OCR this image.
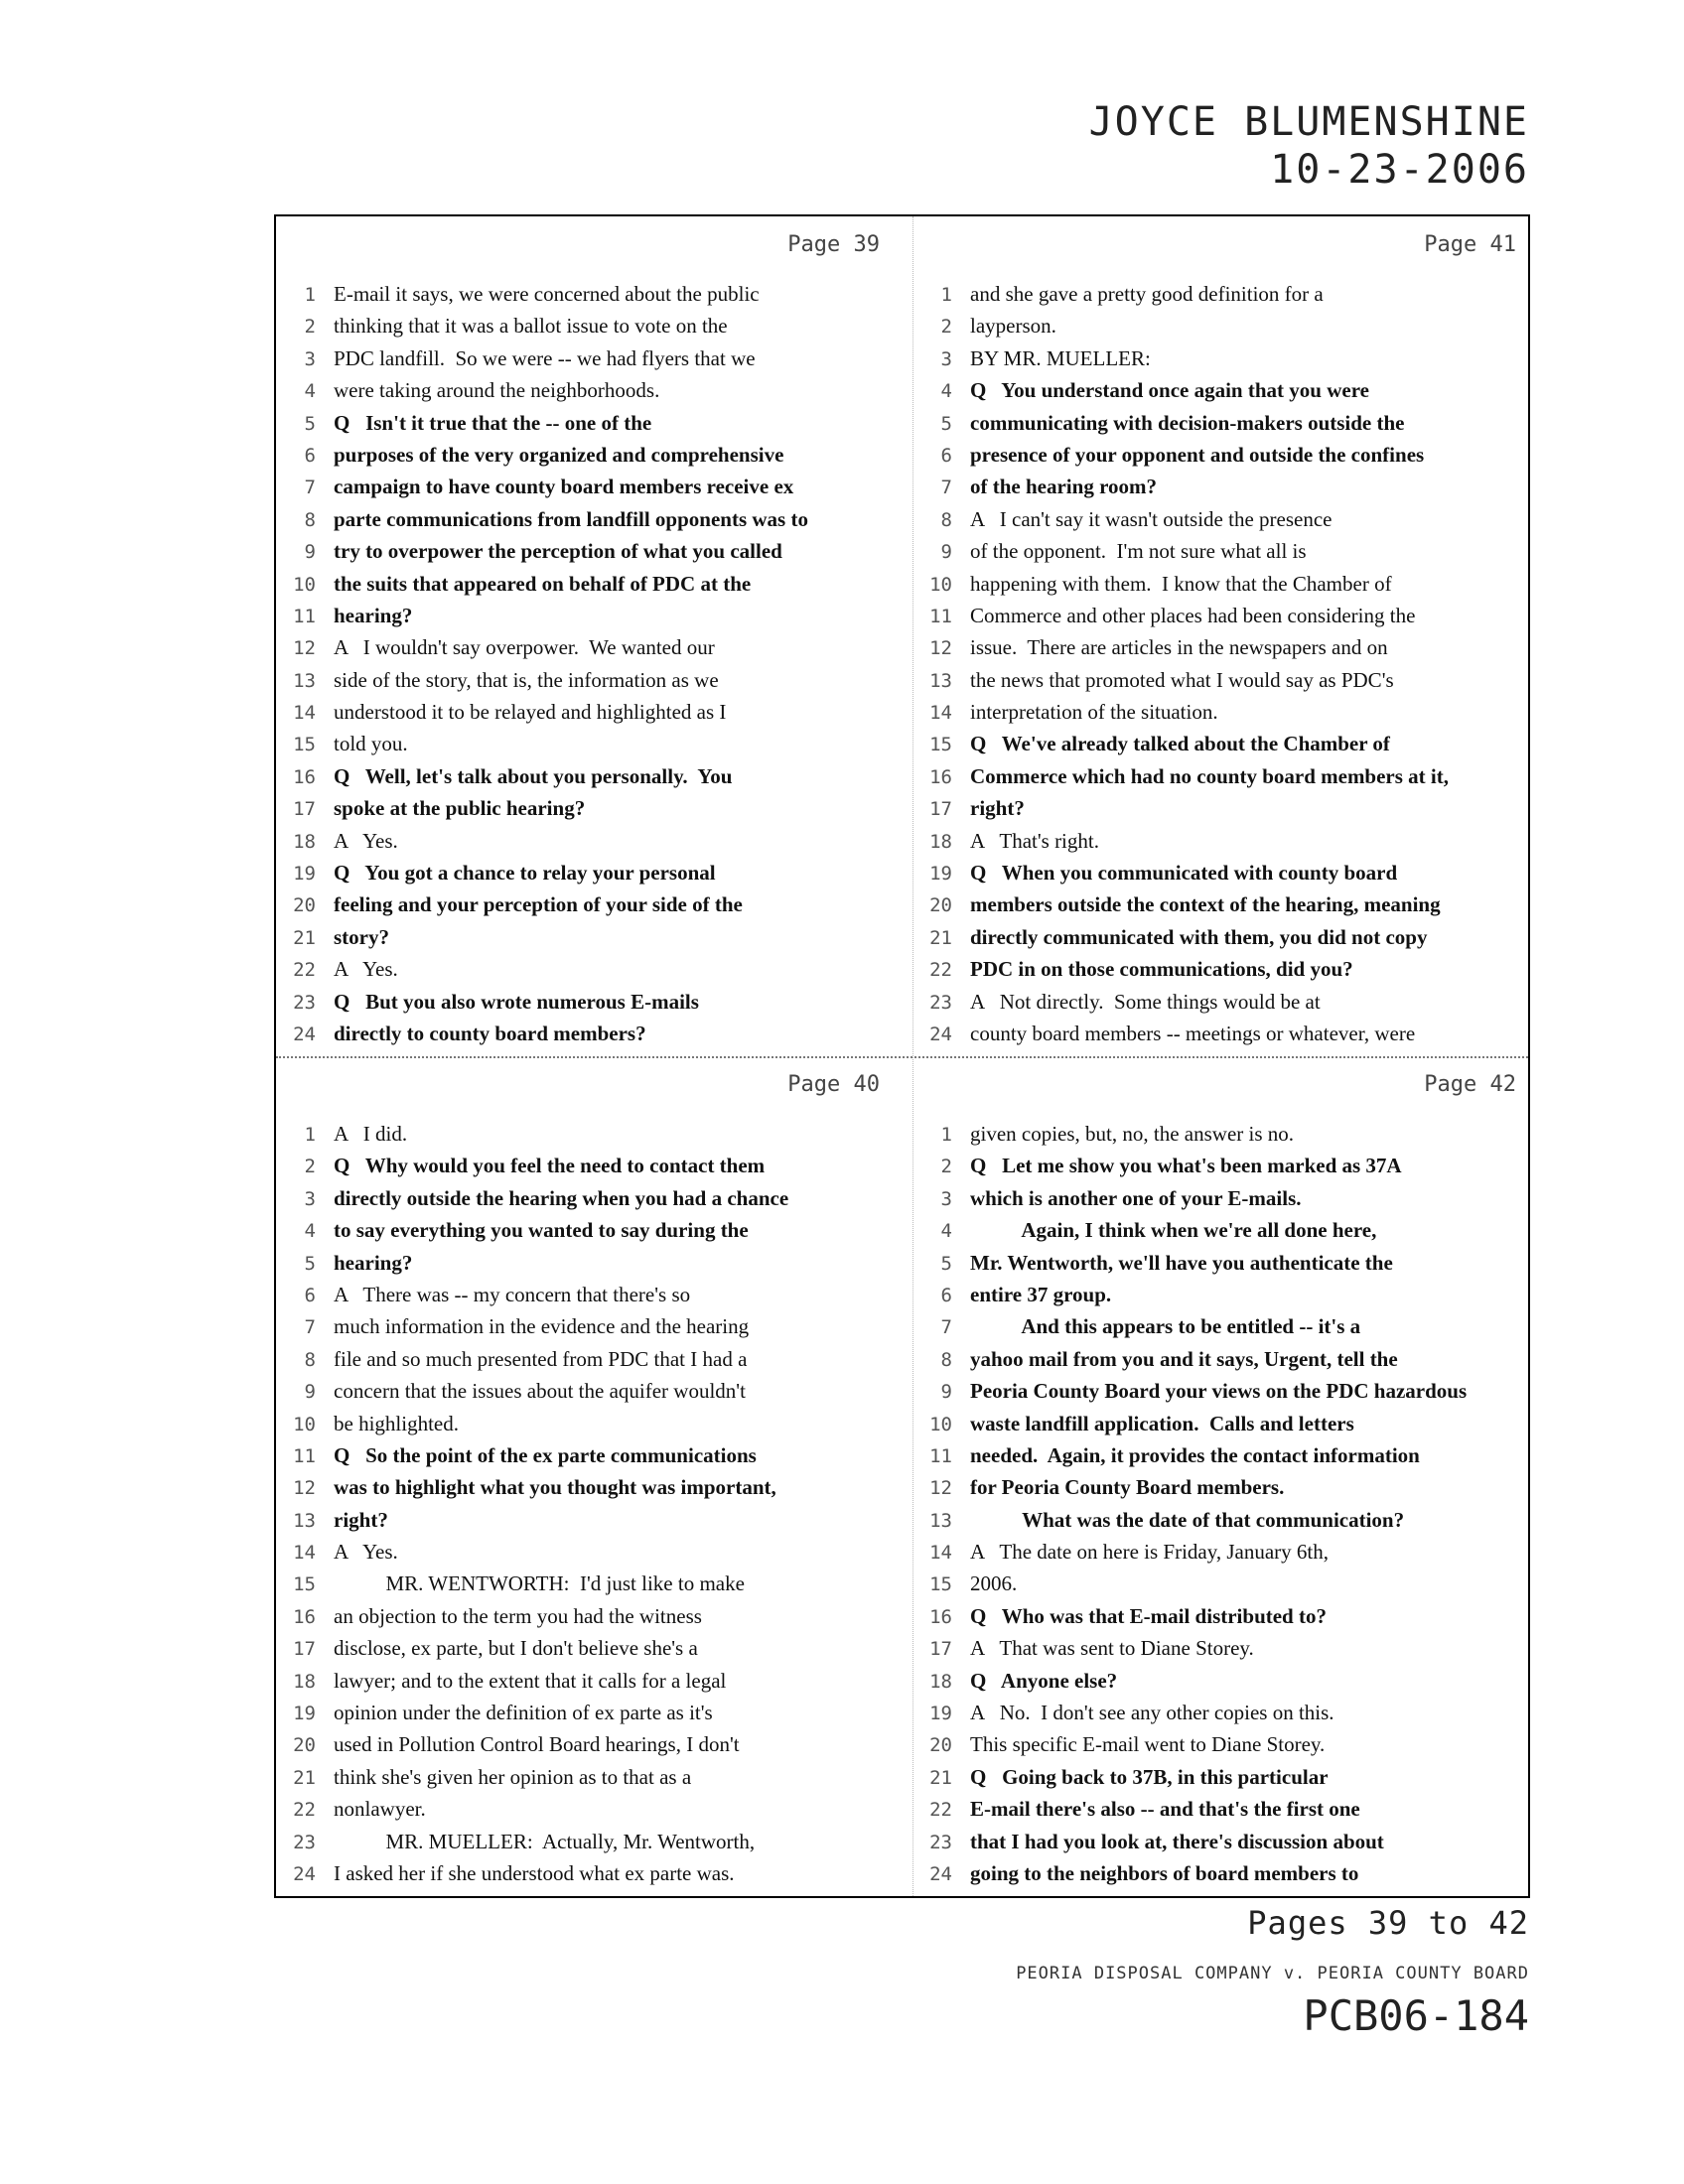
JOYCE BLUMENSHINE
10-23-2006
Page 39
1 E-mail it says, we were concerned about the public
2 thinking that it was a ballot issue to vote on the
3 PDC landfill.  So we were -- we had flyers that we
4 were taking around the neighborhoods.
5 Q   Isn't it true that the -- one of the
6 purposes of the very organized and comprehensive
7 campaign to have county board members receive ex
8 parte communications from landfill opponents was to
9 try to overpower the perception of what you called
10 the suits that appeared on behalf of PDC at the
11 hearing?
12 A   I wouldn't say overpower.  We wanted our
13 side of the story, that is, the information as we
14 understood it to be relayed and highlighted as I
15 told you.
16 Q   Well, let's talk about you personally.  You
17 spoke at the public hearing?
18 A   Yes.
19 Q   You got a chance to relay your personal
20 feeling and your perception of your side of the
21 story?
22 A   Yes.
23 Q   But you also wrote numerous E-mails
24 directly to county board members?
Page 41
1 and she gave a pretty good definition for a
2 layperson.
3 BY MR. MUELLER:
4 Q   You understand once again that you were
5 communicating with decision-makers outside the
6 presence of your opponent and outside the confines
7 of the hearing room?
8 A   I can't say it wasn't outside the presence
9 of the opponent.  I'm not sure what all is
10 happening with them.  I know that the Chamber of
11 Commerce and other places had been considering the
12 issue.  There are articles in the newspapers and on
13 the news that promoted what I would say as PDC's
14 interpretation of the situation.
15 Q   We've already talked about the Chamber of
16 Commerce which had no county board members at it,
17 right?
18 A   That's right.
19 Q   When you communicated with county board
20 members outside the context of the hearing, meaning
21 directly communicated with them, you did not copy
22 PDC in on those communications, did you?
23 A   Not directly.  Some things would be at
24 county board members -- meetings or whatever, were
Page 40
1 A   I did.
2 Q   Why would you feel the need to contact them
3 directly outside the hearing when you had a chance
4 to say everything you wanted to say during the
5 hearing?
6 A   There was -- my concern that there's so
7 much information in the evidence and the hearing
8 file and so much presented from PDC that I had a
9 concern that the issues about the aquifer wouldn't
10 be highlighted.
11 Q   So the point of the ex parte communications
12 was to highlight what you thought was important,
13 right?
14 A   Yes.
15          MR. WENTWORTH:  I'd just like to make
16 an objection to the term you had the witness
17 disclose, ex parte, but I don't believe she's a
18 lawyer; and to the extent that it calls for a legal
19 opinion under the definition of ex parte as it's
20 used in Pollution Control Board hearings, I don't
21 think she's given her opinion as to that as a
22 nonlawyer.
23          MR. MUELLER:  Actually, Mr. Wentworth,
24 I asked her if she understood what ex parte was.
Page 42
1 given copies, but, no, the answer is no.
2 Q   Let me show you what's been marked as 37A
3 which is another one of your E-mails.
4          Again, I think when we're all done here,
5 Mr. Wentworth, we'll have you authenticate the
6 entire 37 group.
7          And this appears to be entitled -- it's a
8 yahoo mail from you and it says, Urgent, tell the
9 Peoria County Board your views on the PDC hazardous
10 waste landfill application.  Calls and letters
11 needed.  Again, it provides the contact information
12 for Peoria County Board members.
13          What was the date of that communication?
14 A   The date on here is Friday, January 6th,
15 2006.
16 Q   Who was that E-mail distributed to?
17 A   That was sent to Diane Storey.
18 Q   Anyone else?
19 A   No.  I don't see any other copies on this.
20 This specific E-mail went to Diane Storey.
21 Q   Going back to 37B, in this particular
22 E-mail there's also -- and that's the first one
23 that I had you look at, there's discussion about
24 going to the neighbors of board members to
Pages 39 to 42
PEORIA DISPOSAL COMPANY v. PEORIA COUNTY BOARD
PCB06-184
